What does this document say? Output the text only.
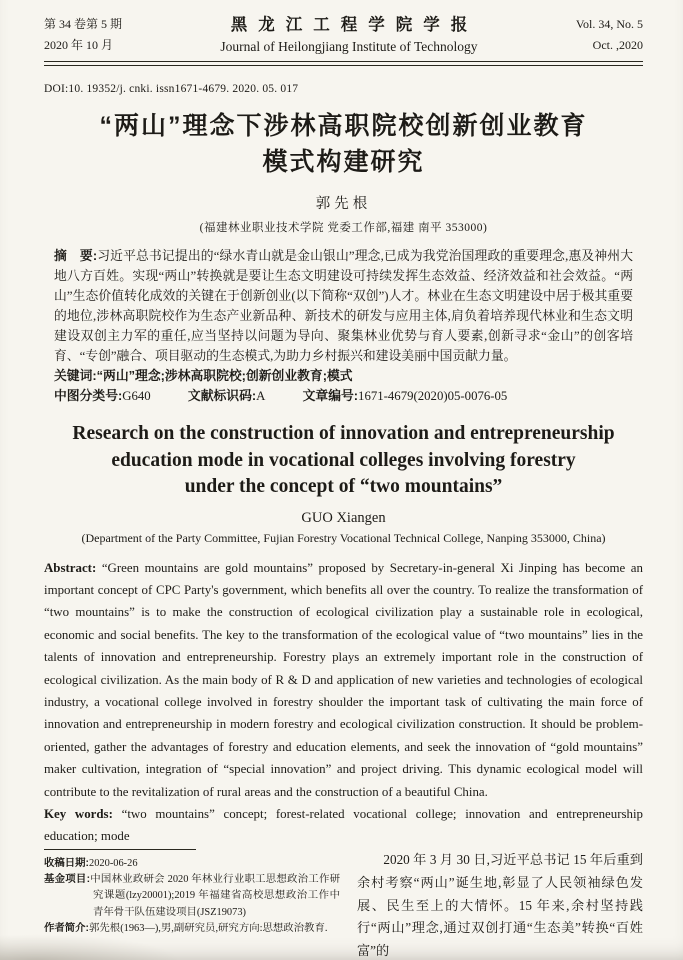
第 34 卷第 5 期
2020 年 10 月
黑龙江工程学院学报
Journal of Heilongjiang Institute of Technology
Vol. 34, No. 5
Oct. ,2020
DOI:10. 19352/j. cnki. issn1671-4679. 2020. 05. 017
“两山”理念下涉林高职院校创新创业教育
模式构建研究
郭先根
(福建林业职业技术学院 党委工作部,福建 南平 353000)
摘　要:习近平总书记提出的“绿水青山就是金山银山”理念,已成为我党治国理政的重要理念,惠及神州大地八方百姓。实现“两山”转换就是要让生态文明建设可持续发挥生态效益、经济效益和社会效益。“两山”生态价值转化成效的关键在于创新创业(以下简称“双创”)人才。林业在生态文明建设中居于极其重要的地位,涉林高职院校作为生态产业新品种、新技术的研发与应用主体,肩负着培养现代林业和生态文明建设双创主力军的重任,应当坚持以问题为导向、聚集林业优势与育人要素,创新寻求“金山”的创客培育、“专创”融合、项目驱动的生态模式,为助力乡村振兴和建设美丽中国贡献力量。
关键词:“两山”理念;涉林高职院校;创新创业教育;模式
中图分类号:G640	文献标识码:A	文章编号:1671-4679(2020)05-0076-05
Research on the construction of innovation and entrepreneurship
education mode in vocational colleges involving forestry
under the concept of “two mountains”
GUO Xiangen
(Department of the Party Committee, Fujian Forestry Vocational Technical College, Nanping 353000, China)
Abstract: “Green mountains are gold mountains” proposed by Secretary-in-general Xi Jinping has become an important concept of CPC Party's government, which benefits all over the country. To realize the transformation of “two mountains” is to make the construction of ecological civilization play a sustainable role in ecological, economic and social benefits. The key to the transformation of the ecological value of “two mountains” lies in the talents of innovation and entrepreneurship. Forestry plays an extremely important role in the construction of ecological civilization. As the main body of R & D and application of new varieties and technologies of ecological industry, a vocational college involved in forestry shoulder the important task of cultivating the main force of innovation and entrepreneurship in modern forestry and ecological civilization construction. It should be problem-oriented, gather the advantages of forestry and education elements, and seek the innovation of “gold mountains” maker cultivation, integration of “special innovation” and project driving. This dynamic ecological model will contribute to the revitalization of rural areas and the construction of a beautiful China.
Key words: “two mountains” concept; forest-related vocational college; innovation and entrepreneurship education; mode
收稿日期:2020-06-26
基金项目:中国林业政研会 2020 年林业行业职工思想政治工作研究课题(lzy20001);2019 年福建省高校思想政治工作中青年骨干队伍建设项目(JSZ19073)
作者简介:郭先根(1963—),男,副研究员,研究方向:思想政治教育.
2020 年 3 月 30 日,习近平总书记 15 年后重到余村考察“两山”诞生地,彰显了人民领袖绿色发展、民生至上的大情怀。15 年来,余村坚持践行“两山”理念,通过双创打通“生态美”转换“百姓富”的
